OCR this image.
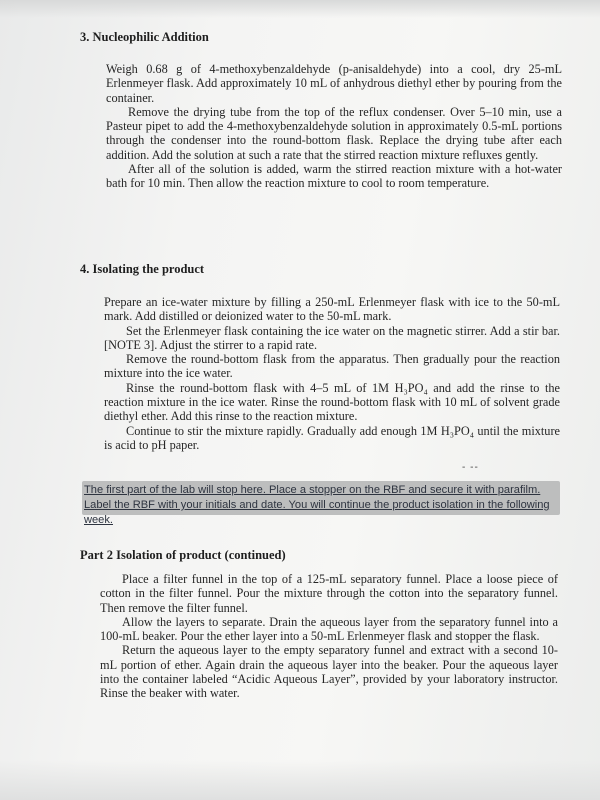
3. Nucleophilic Addition

Weigh 0.68 g of 4-methoxybenzaldehyde (p-anisaldehyde) into a cool, dry 25-mL Erlenmeyer flask. Add approximately 10 mL of anhydrous diethyl ether by pouring from the container.

Remove the drying tube from the top of the reflux condenser. Over 5–10 min, use a Pasteur pipet to add the 4-methoxybenzaldehyde solution in approximately 0.5-mL portions through the condenser into the round-bottom flask. Replace the drying tube after each addition. Add the solution at such a rate that the stirred reaction mixture refluxes gently.

After all of the solution is added, warm the stirred reaction mixture with a hot-water bath for 10 min. Then allow the reaction mixture to cool to room temperature.

4. Isolating the product

Prepare an ice-water mixture by filling a 250-mL Erlenmeyer flask with ice to the 50-mL mark. Add distilled or deionized water to the 50-mL mark.

Set the Erlenmeyer flask containing the ice water on the magnetic stirrer. Add a stir bar. [NOTE 3]. Adjust the stirrer to a rapid rate.

Remove the round-bottom flask from the apparatus. Then gradually pour the reaction mixture into the ice water.

Rinse the round-bottom flask with 4–5 mL of 1M H₃PO₄ and add the rinse to the reaction mixture in the ice water. Rinse the round-bottom flask with 10 mL of solvent grade diethyl ether. Add this rinse to the reaction mixture.

Continue to stir the mixture rapidly. Gradually add enough 1M H₃PO₄ until the mixture is acid to pH paper.

- --
The first part of the lab will stop here. Place a stopper on the RBF and secure it with parafilm. Label the RBF with your initials and date. You will continue the product isolation in the following week.
Part 2 Isolation of product (continued)

Place a filter funnel in the top of a 125-mL separatory funnel. Place a loose piece of cotton in the filter funnel. Pour the mixture through the cotton into the separatory funnel. Then remove the filter funnel.

Allow the layers to separate. Drain the aqueous layer from the separatory funnel into a 100-mL beaker. Pour the ether layer into a 50-mL Erlenmeyer flask and stopper the flask.

Return the aqueous layer to the empty separatory funnel and extract with a second 10-mL portion of ether. Again drain the aqueous layer into the beaker. Pour the aqueous layer into the container labeled “Acidic Aqueous Layer”, provided by your laboratory instructor. Rinse the beaker with water.
